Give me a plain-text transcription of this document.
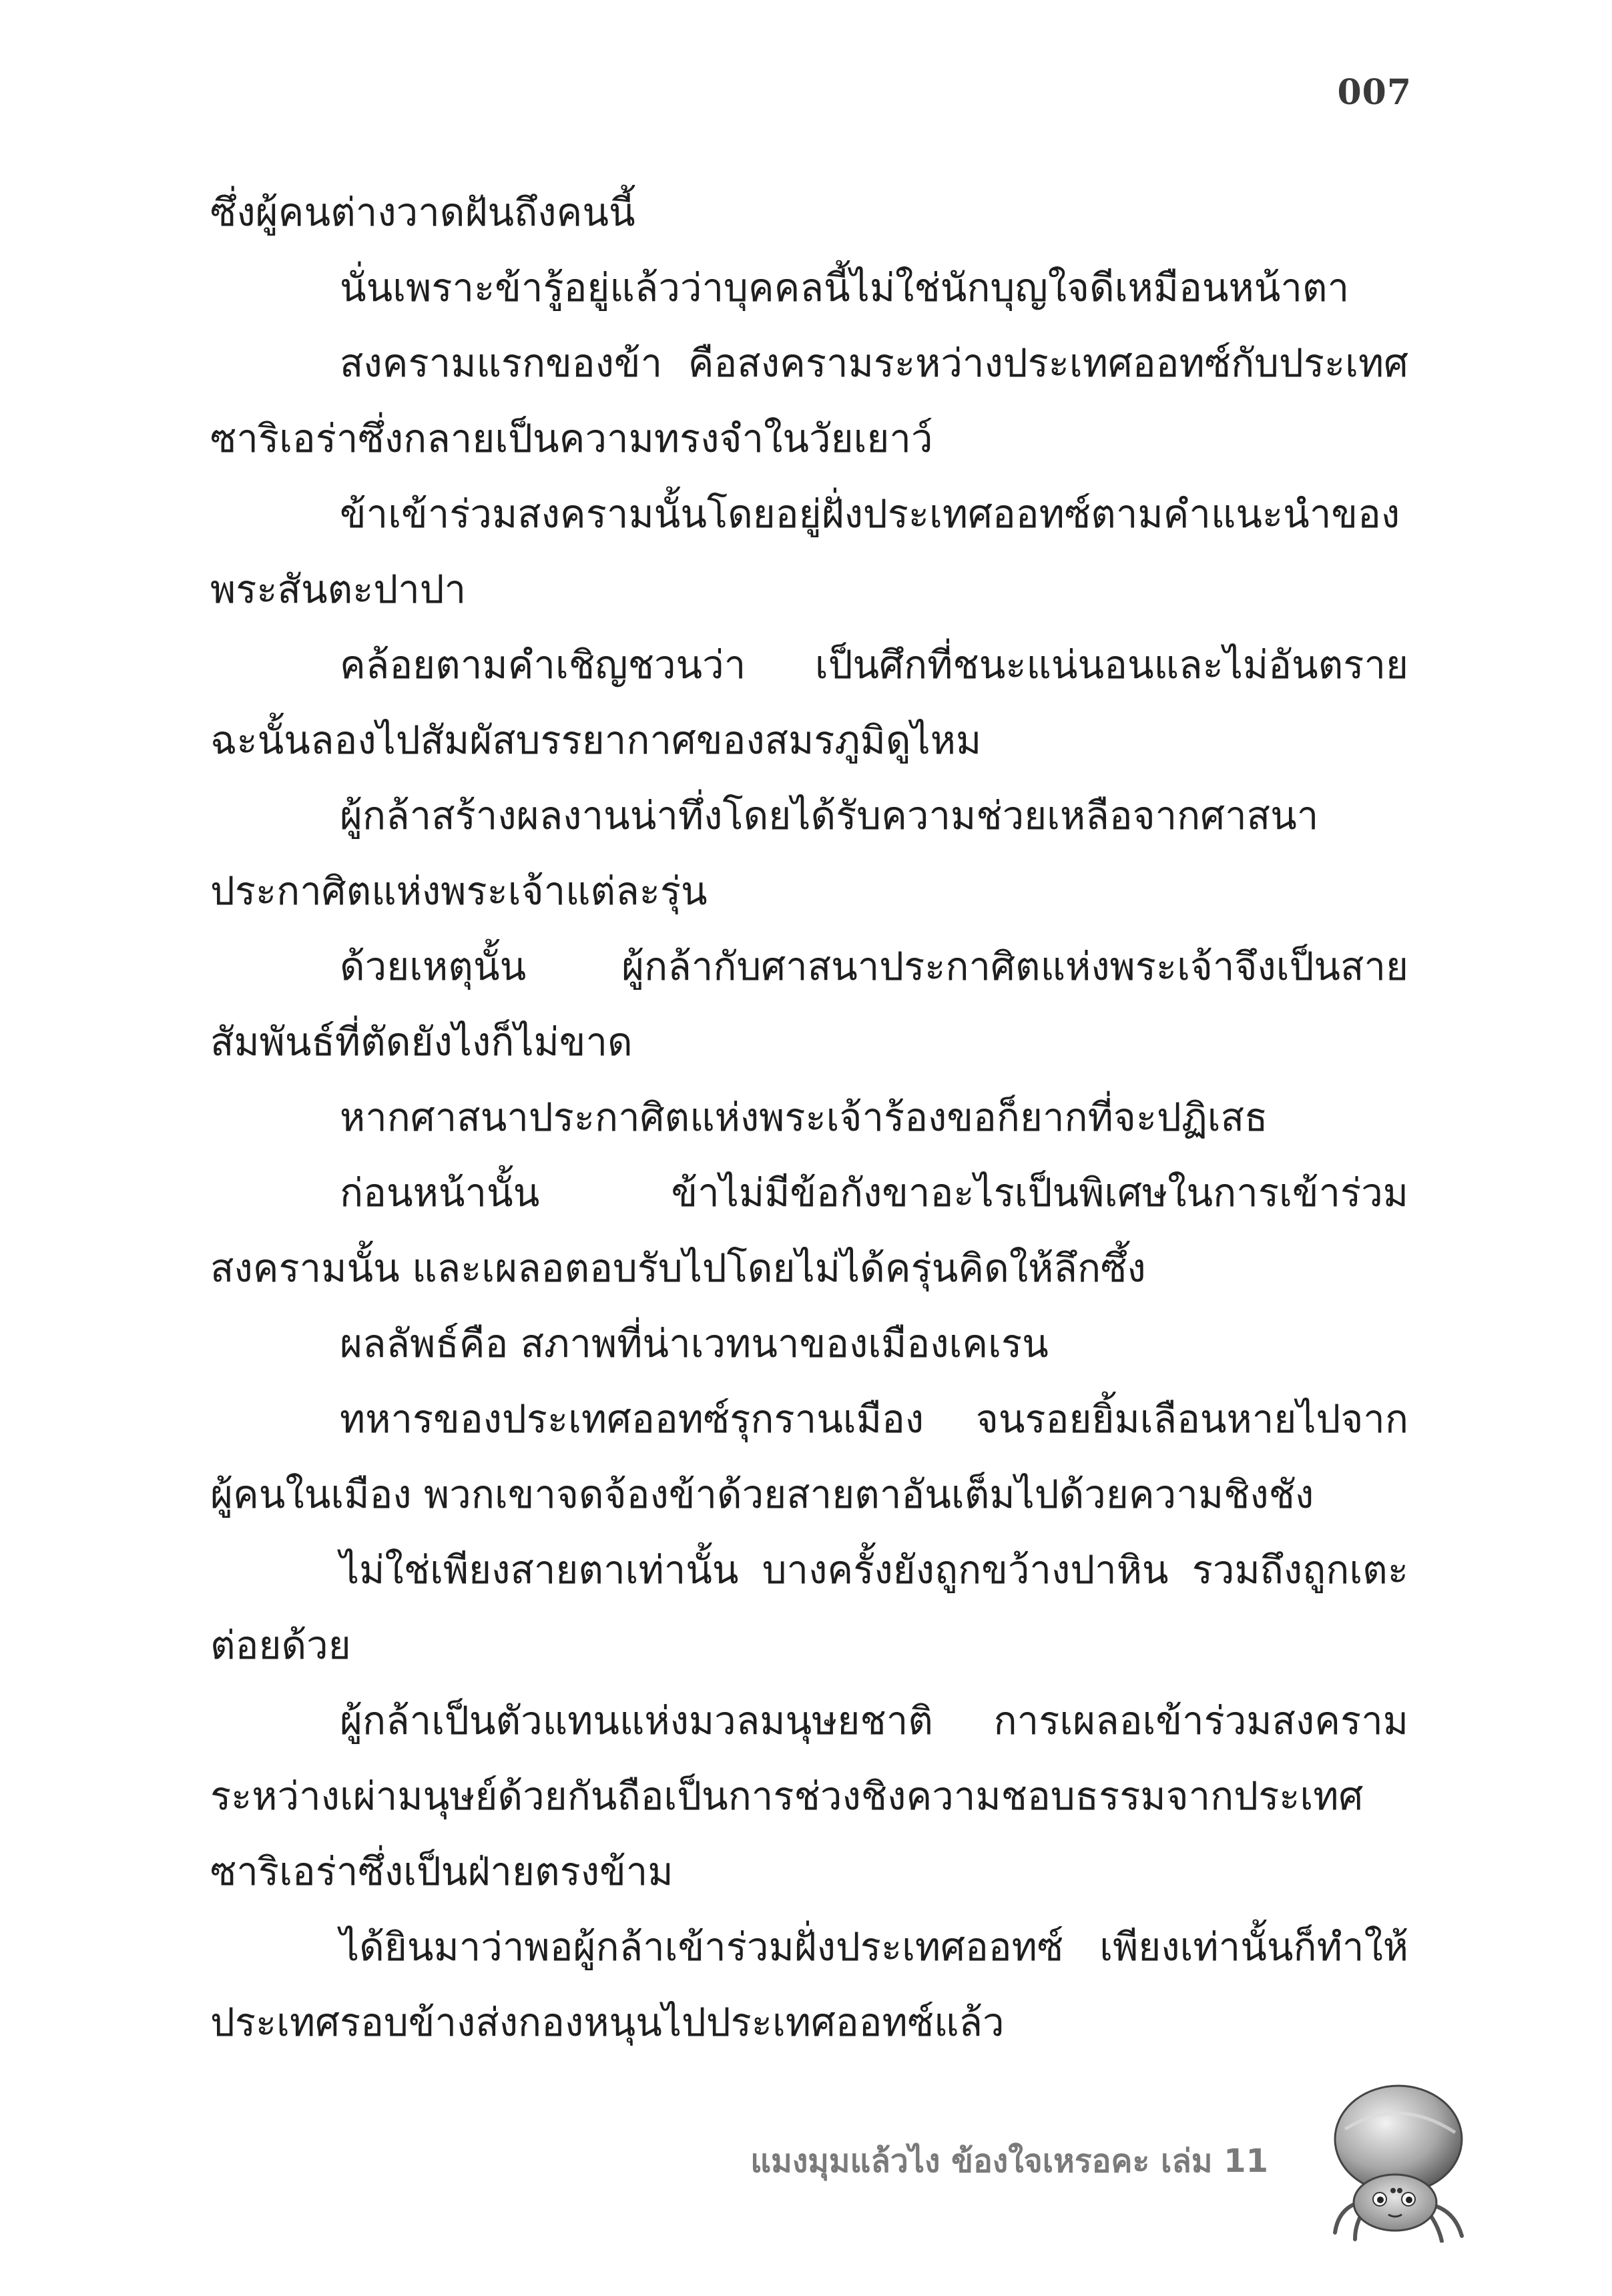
007

ซึ่งผู้คนต่างวาดฝันถึงคนนี้

นั่นเพราะข้ารู้อยู่แล้วว่าบุคคลนี้ไม่ใช่นักบุญใจดีเหมือนหน้าตา

สงครามแรกของข้า คือสงครามระหว่างประเทศออทซ์กับประเทศซาริเอร่าซึ่งกลายเป็นความทรงจำในวัยเยาว์

ข้าเข้าร่วมสงครามนั้นโดยอยู่ฝั่งประเทศออทซ์ตามคำแนะนำของพระสันตะปาปา

คล้อยตามคำเชิญชวนว่า เป็นศึกที่ชนะแน่นอนและไม่อันตราย ฉะนั้นลองไปสัมผัสบรรยากาศของสมรภูมิดูไหม

ผู้กล้าสร้างผลงานน่าทึ่งโดยได้รับความช่วยเหลือจากศาสนาประกาศิตแห่งพระเจ้าแต่ละรุ่น

ด้วยเหตุนั้น ผู้กล้ากับศาสนาประกาศิตแห่งพระเจ้าจึงเป็นสายสัมพันธ์ที่ตัดยังไงก็ไม่ขาด

หากศาสนาประกาศิตแห่งพระเจ้าร้องขอก็ยากที่จะปฏิเสธ

ก่อนหน้านั้น ข้าไม่มีข้อกังขาอะไรเป็นพิเศษในการเข้าร่วมสงครามนั้น และเผลอตอบรับไปโดยไม่ได้ครุ่นคิดให้ลึกซึ้ง

ผลลัพธ์คือ สภาพที่น่าเวทนาของเมืองเคเรน

ทหารของประเทศออทซ์รุกรานเมือง จนรอยยิ้มเลือนหายไปจากผู้คนในเมือง พวกเขาจดจ้องข้าด้วยสายตาอันเต็มไปด้วยความชิงชัง

ไม่ใช่เพียงสายตาเท่านั้น บางครั้งยังถูกขว้างปาหิน รวมถึงถูกเตะต่อยด้วย

ผู้กล้าเป็นตัวแทนแห่งมวลมนุษยชาติ การเผลอเข้าร่วมสงครามระหว่างเผ่ามนุษย์ด้วยกันถือเป็นการช่วงชิงความชอบธรรมจากประเทศซาริเอร่าซึ่งเป็นฝ่ายตรงข้าม

ได้ยินมาว่าพอผู้กล้าเข้าร่วมฝั่งประเทศออทซ์ เพียงเท่านั้นก็ทำให้ประเทศรอบข้างส่งกองหนุนไปประเทศออทซ์แล้ว

แมงมุมแล้วไง ข้องใจเหรอคะ เล่ม 11
